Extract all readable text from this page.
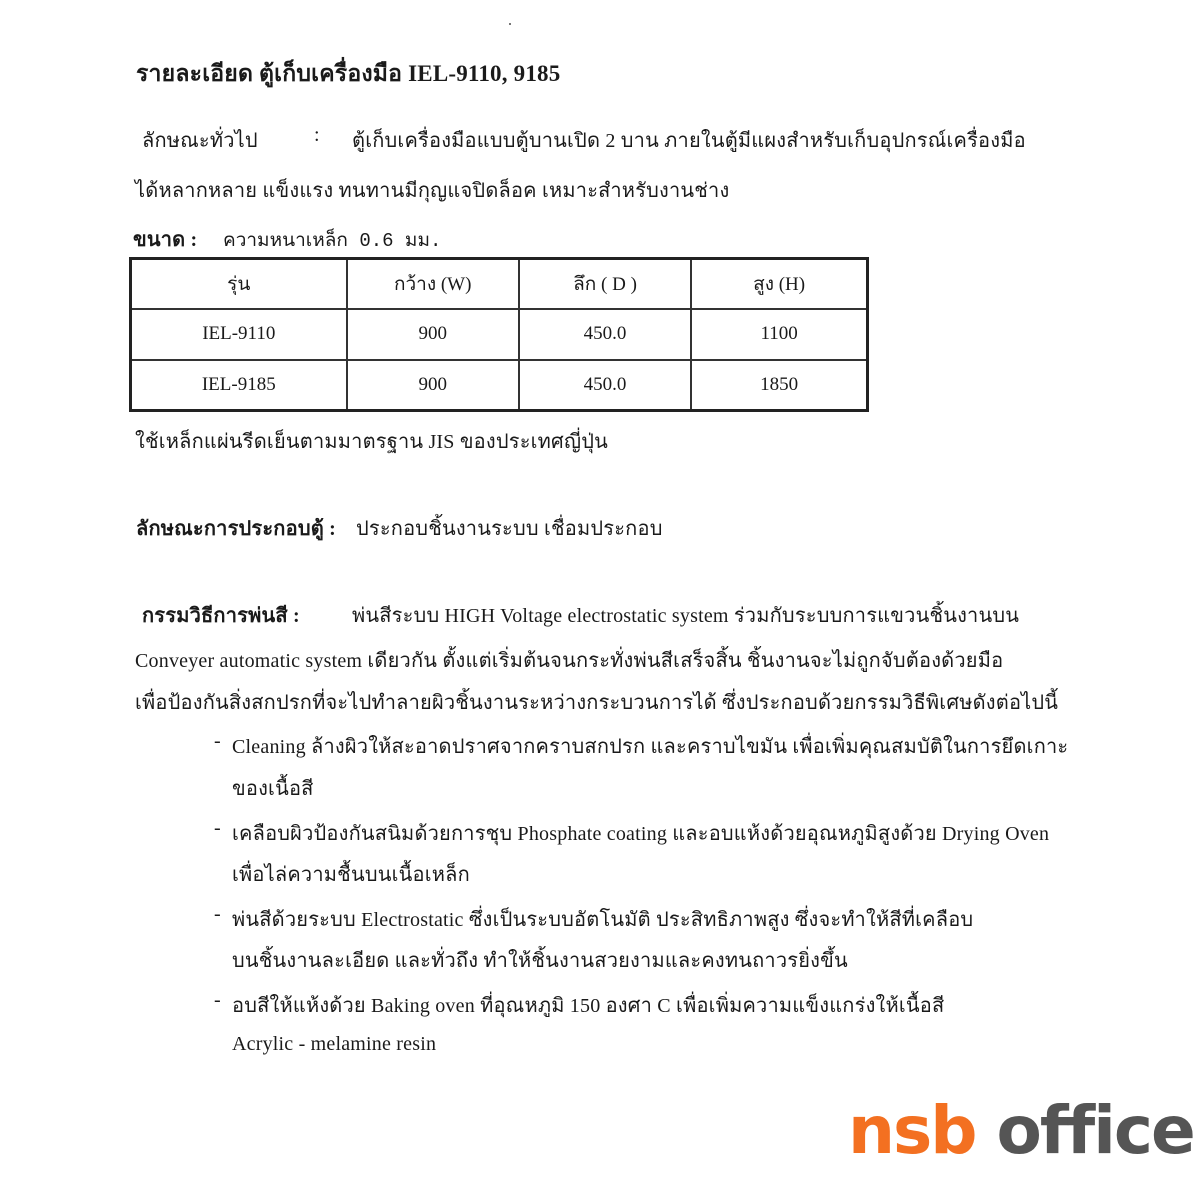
รายละเอียด ตู้เก็บเครื่องมือ IEL-9110, 9185
ลักษณะทั่วไป	: ตู้เก็บเครื่องมือแบบตู้บานเปิด 2 บาน ภายในตู้มีแผงสำหรับเก็บอุปกรณ์เครื่องมือ
ได้หลากหลาย แข็งแรง ทนทานมีกุญแจปิดล็อค เหมาะสำหรับงานช่าง
ขนาด : ความหนาเหล็ก 0.6 มม.
รุ่น	กว้าง (W)	ลึก ( D )	สูง (H)
IEL-9110	900	450.0	1100
IEL-9185	900	450.0	1850
ใช้เหล็กแผ่นรีดเย็นตามมาตรฐาน JIS ของประเทศญี่ปุ่น
ลักษณะการประกอบตู้ : ประกอบชิ้นงานระบบ เชื่อมประกอบ
กรรมวิธีการพ่นสี :	พ่นสีระบบ HIGH Voltage electrostatic system ร่วมกับระบบการแขวนชิ้นงานบน
Conveyer automatic system เดียวกัน ตั้งแต่เริ่มต้นจนกระทั่งพ่นสีเสร็จสิ้น ชิ้นงานจะไม่ถูกจับต้องด้วยมือ
เพื่อป้องกันสิ่งสกปรกที่จะไปทำลายผิวชิ้นงานระหว่างกระบวนการได้ ซึ่งประกอบด้วยกรรมวิธีพิเศษดังต่อไปนี้
- Cleaning ล้างผิวให้สะอาดปราศจากคราบสกปรก และคราบไขมัน เพื่อเพิ่มคุณสมบัติในการยึดเกาะ
ของเนื้อสี
- เคลือบผิวป้องกันสนิมด้วยการชุบ Phosphate coating และอบแห้งด้วยอุณหภูมิสูงด้วย Drying Oven
เพื่อไล่ความชื้นบนเนื้อเหล็ก
- พ่นสีด้วยระบบ Electrostatic ซึ่งเป็นระบบอัตโนมัติ ประสิทธิภาพสูง ซึ่งจะทำให้สีที่เคลือบ
บนชิ้นงานละเอียด และทั่วถึง ทำให้ชิ้นงานสวยงามและคงทนถาวรยิ่งขึ้น
- อบสีให้แห้งด้วย Baking oven ที่อุณหภูมิ 150 องศา C เพื่อเพิ่มความแข็งแกร่งให้เนื้อสี
Acrylic - melamine resin
nsb office
